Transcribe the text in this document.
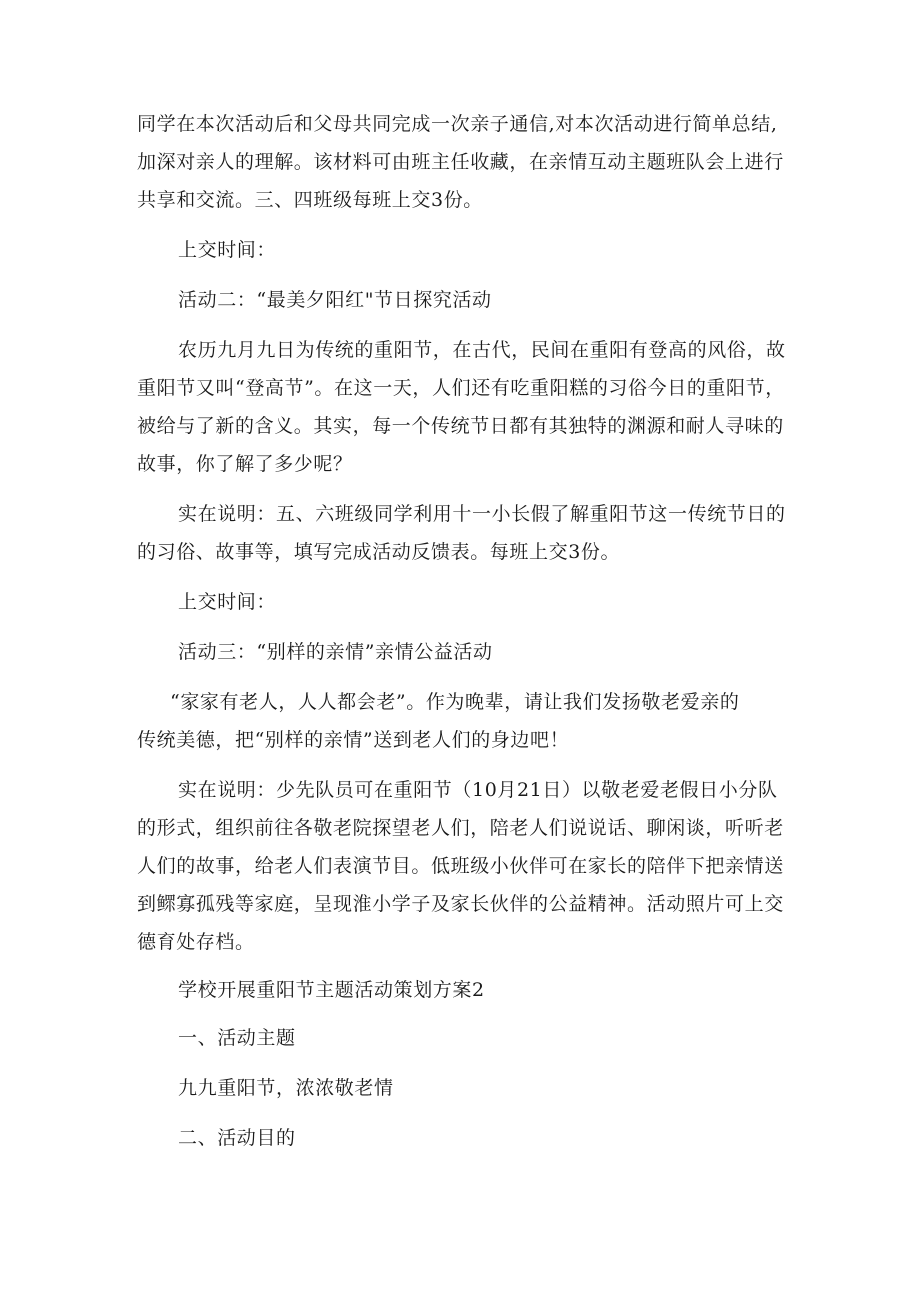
同学在本次活动后和父母共同完成一次亲子通信,对本次活动进行简单总结,
加深对亲人的理解。该材料可由班主任收藏，在亲情互动主题班队会上进行
共享和交流。三、四班级每班上交3份。
上交时间：
活动二：“最美夕阳红"节日探究活动
农历九月九日为传统的重阳节，在古代，民间在重阳有登高的风俗，故
重阳节又叫“登高节”。在这一天，人们还有吃重阳糕的习俗今日的重阳节，
被给与了新的含义。其实，每一个传统节日都有其独特的渊源和耐人寻味的
故事，你了解了多少呢？
实在说明：五、六班级同学利用十一小长假了解重阳节这一传统节日的
的习俗、故事等，填写完成活动反馈表。每班上交3份。
上交时间：
活动三：“别样的亲情”亲情公益活动
“家家有老人，人人都会老”。作为晚辈，请让我们发扬敬老爱亲的
传统美德，把“别样的亲情”送到老人们的身边吧！
实在说明：少先队员可在重阳节（10月21日）以敬老爱老假日小分队
的形式，组织前往各敬老院探望老人们，陪老人们说说话、聊闲谈，听听老
人们的故事，给老人们表演节目。低班级小伙伴可在家长的陪伴下把亲情送
到鳏寡孤残等家庭，呈现淮小学子及家长伙伴的公益精神。活动照片可上交
德育处存档。
学校开展重阳节主题活动策划方案2
一、活动主题
九九重阳节，浓浓敬老情
二、活动目的
